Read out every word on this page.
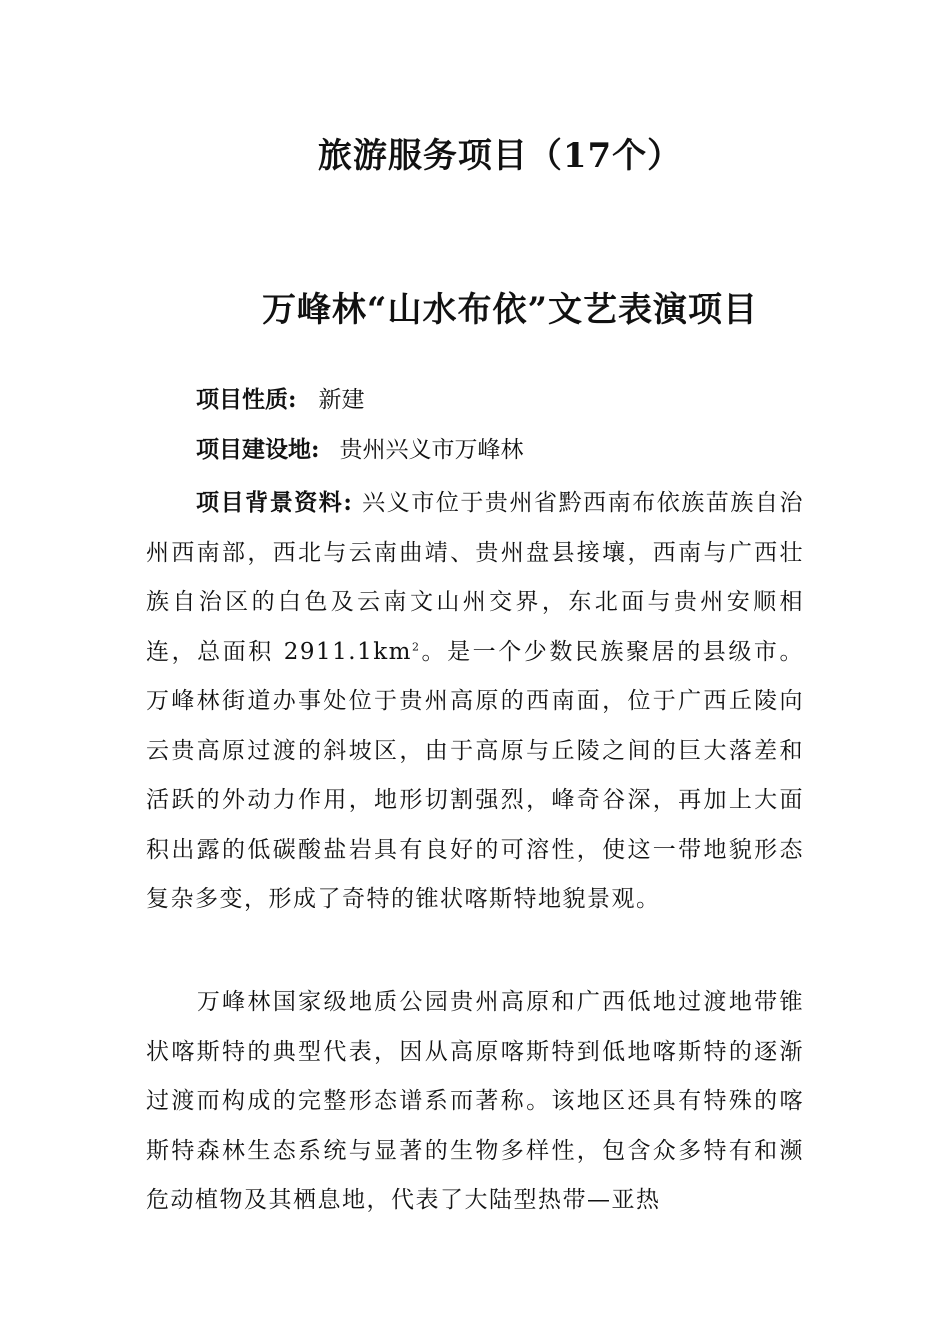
旅游服务项目（17个）
万峰林“山水布依”文艺表演项目
项目性质: 新建
项目建设地: 贵州兴义市万峰林
项目背景资料: 兴义市位于贵州省黔西南布依族苗族自治州西南部，西北与云南曲靖、贵州盘县接壤，西南与广西壮族自治区的白色及云南文山州交界，东北面与贵州安顺相连，总面积 $2911.1km^2$。是一个少数民族聚居的县级市。万峰林街道办事处位于贵州高原的西南面，位于广西丘陵向云贵高原过渡的斜坡区，由于高原与丘陵之间的巨大落差和活跃的外动力作用，地形切割强烈，峰奇谷深，再加上大面积出露的低碳酸盐岩具有良好的可溶性，使这一带地貌形态复杂多变，形成了奇特的锥状喀斯特地貌景观。
万峰林国家级地质公园贵州高原和广西低地过渡地带锥状喀斯特的典型代表，因从高原喀斯特到低地喀斯特的逐渐过渡而构成的完整形态谱系而著称。该地区还具有特殊的喀斯特森林生态系统与显著的生物多样性，包含众多特有和濒危动植物及其栖息地，代表了大陆型热带—亚热
